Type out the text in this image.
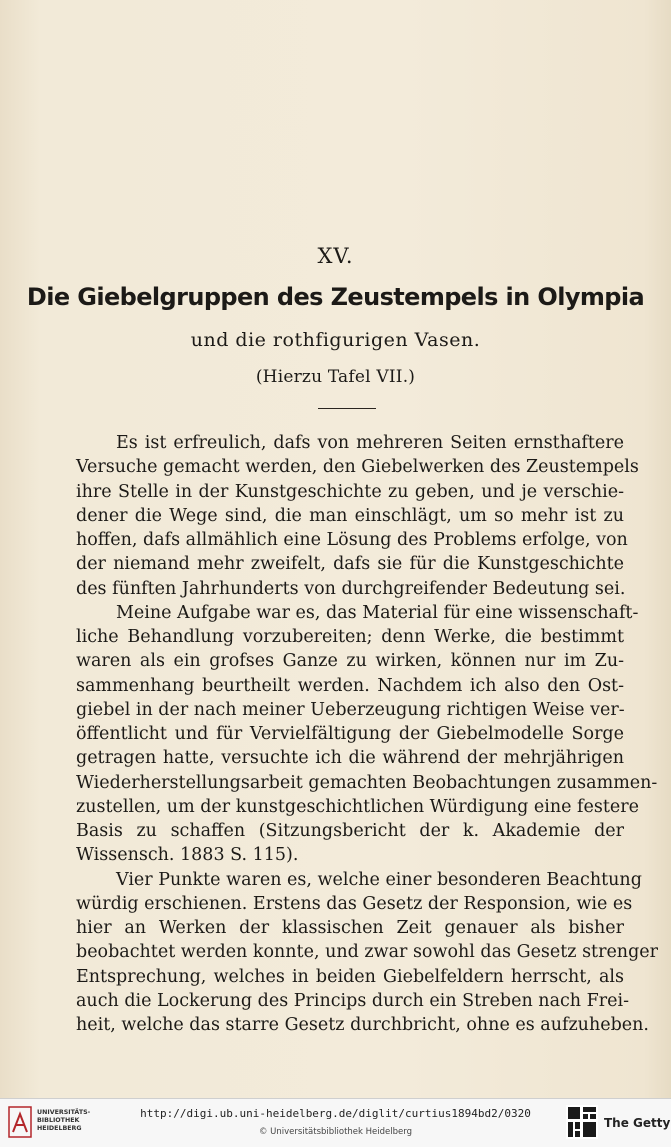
XV.
Die Giebelgruppen des Zeustempels in Olympia
und die rothfigurigen Vasen.
(Hierzu Tafel VII.)
Es ist erfreulich, dafs von mehreren Seiten ernsthaftere
Versuche gemacht werden, den Giebelwerken des Zeustempels
ihre Stelle in der Kunstgeschichte zu geben, und je verschie-
dener die Wege sind, die man einschlägt, um so mehr ist zu
hoffen, dafs allmählich eine Lösung des Problems erfolge, von
der niemand mehr zweifelt, dafs sie für die Kunstgeschichte
des fünften Jahrhunderts von durchgreifender Bedeutung sei.
Meine Aufgabe war es, das Material für eine wissenschaft-
liche Behandlung vorzubereiten; denn Werke, die bestimmt
waren als ein grofses Ganze zu wirken, können nur im Zu-
sammenhang beurtheilt werden. Nachdem ich also den Ost-
giebel in der nach meiner Ueberzeugung richtigen Weise ver-
öffentlicht und für Vervielfältigung der Giebelmodelle Sorge
getragen hatte, versuchte ich die während der mehrjährigen
Wiederherstellungsarbeit gemachten Beobachtungen zusammen-
zustellen, um der kunstgeschichtlichen Würdigung eine festere
Basis zu schaffen (Sitzungsbericht der k. Akademie der
Wissensch. 1883 S. 115).
Vier Punkte waren es, welche einer besonderen Beachtung
würdig erschienen. Erstens das Gesetz der Responsion, wie es
hier an Werken der klassischen Zeit genauer als bisher
beobachtet werden konnte, und zwar sowohl das Gesetz strenger
Entsprechung, welches in beiden Giebelfeldern herrscht, als
auch die Lockerung des Princips durch ein Streben nach Frei-
heit, welche das starre Gesetz durchbricht, ohne es aufzuheben.
UNIVERSITÄTS-
BIBLIOTHEK
HEIDELBERG
http://digi.ub.uni-heidelberg.de/diglit/curtius1894bd2/0320
© Universitätsbibliothek Heidelberg
The Getty
